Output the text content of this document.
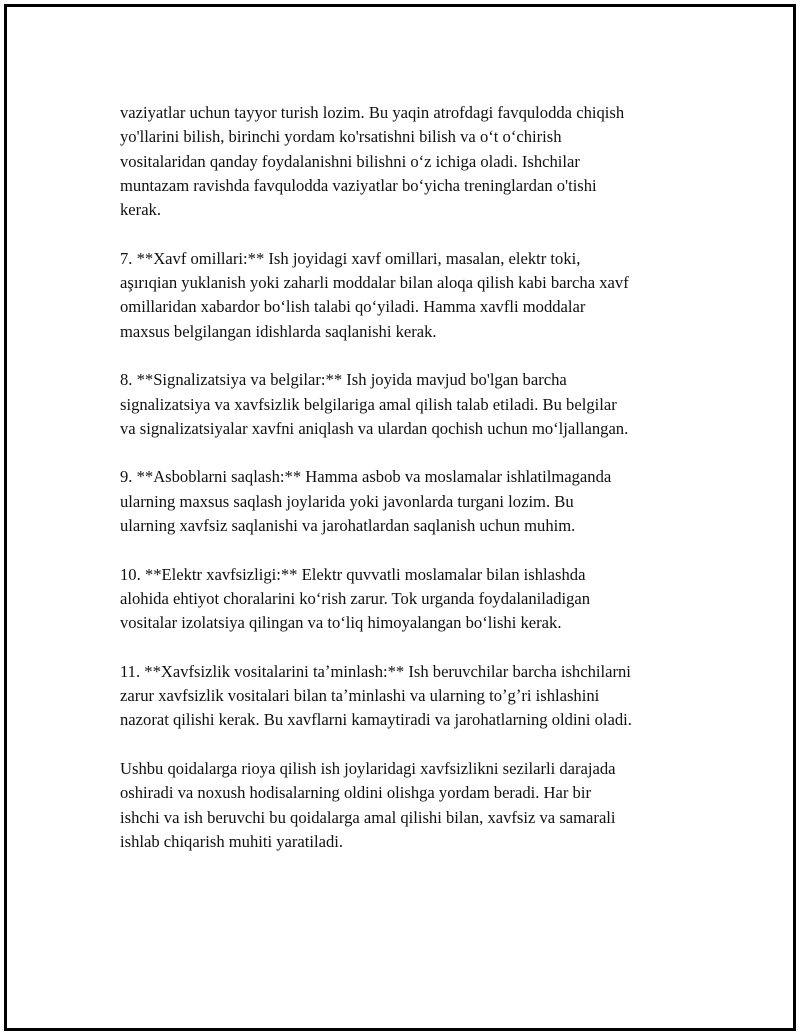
vaziyatlar uchun tayyor turish lozim. Bu yaqin atrofdagi favqulodda chiqish
yo'llarini bilish, birinchi yordam ko'rsatishni bilish va oʻt oʻchirish
vositalaridan qanday foydalanishni bilishni oʻz ichiga oladi. Ishchilar
muntazam ravishda favqulodda vaziyatlar boʻyicha treninglardan o'tishi
kerak.

7. **Xavf omillari:** Ish joyidagi xavf omillari, masalan, elektr toki,
aşırıqian yuklanish yoki zaharli moddalar bilan aloqa qilish kabi barcha xavf
omillaridan xabardor boʻlish talabi qoʻyiladi. Hamma xavfli moddalar
maxsus belgilangan idishlarda saqlanishi kerak.

8. **Signalizatsiya va belgilar:** Ish joyida mavjud bo'lgan barcha
signalizatsiya va xavfsizlik belgilariga amal qilish talab etiladi. Bu belgilar
va signalizatsiyalar xavfni aniqlash va ulardan qochish uchun moʻljallangan.

9. **Asboblarni saqlash:** Hamma asbob va moslamalar ishlatilmaganda
ularning maxsus saqlash joylarida yoki javonlarda turgani lozim. Bu
ularning xavfsiz saqlanishi va jarohatlardan saqlanish uchun muhim.

10. **Elektr xavfsizligi:** Elektr quvvatli moslamalar bilan ishlashda
alohida ehtiyot choralarini koʻrish zarur. Tok urganda foydalaniladigan
vositalar izolatsiya qilingan va toʻliq himoyalangan boʻlishi kerak.

11. **Xavfsizlik vositalarini taʼminlash:** Ish beruvchilar barcha ishchilarni
zarur xavfsizlik vositalari bilan taʼminlashi va ularning toʼgʼri ishlashini
nazorat qilishi kerak. Bu xavflarni kamaytiradi va jarohatlarning oldini oladi.

Ushbu qoidalarga rioya qilish ish joylaridagi xavfsizlikni sezilarli darajada
oshiradi va noxush hodisalarning oldini olishga yordam beradi. Har bir
ishchi va ish beruvchi bu qoidalarga amal qilishi bilan, xavfsiz va samarali
ishlab chiqarish muhiti yaratiladi.
